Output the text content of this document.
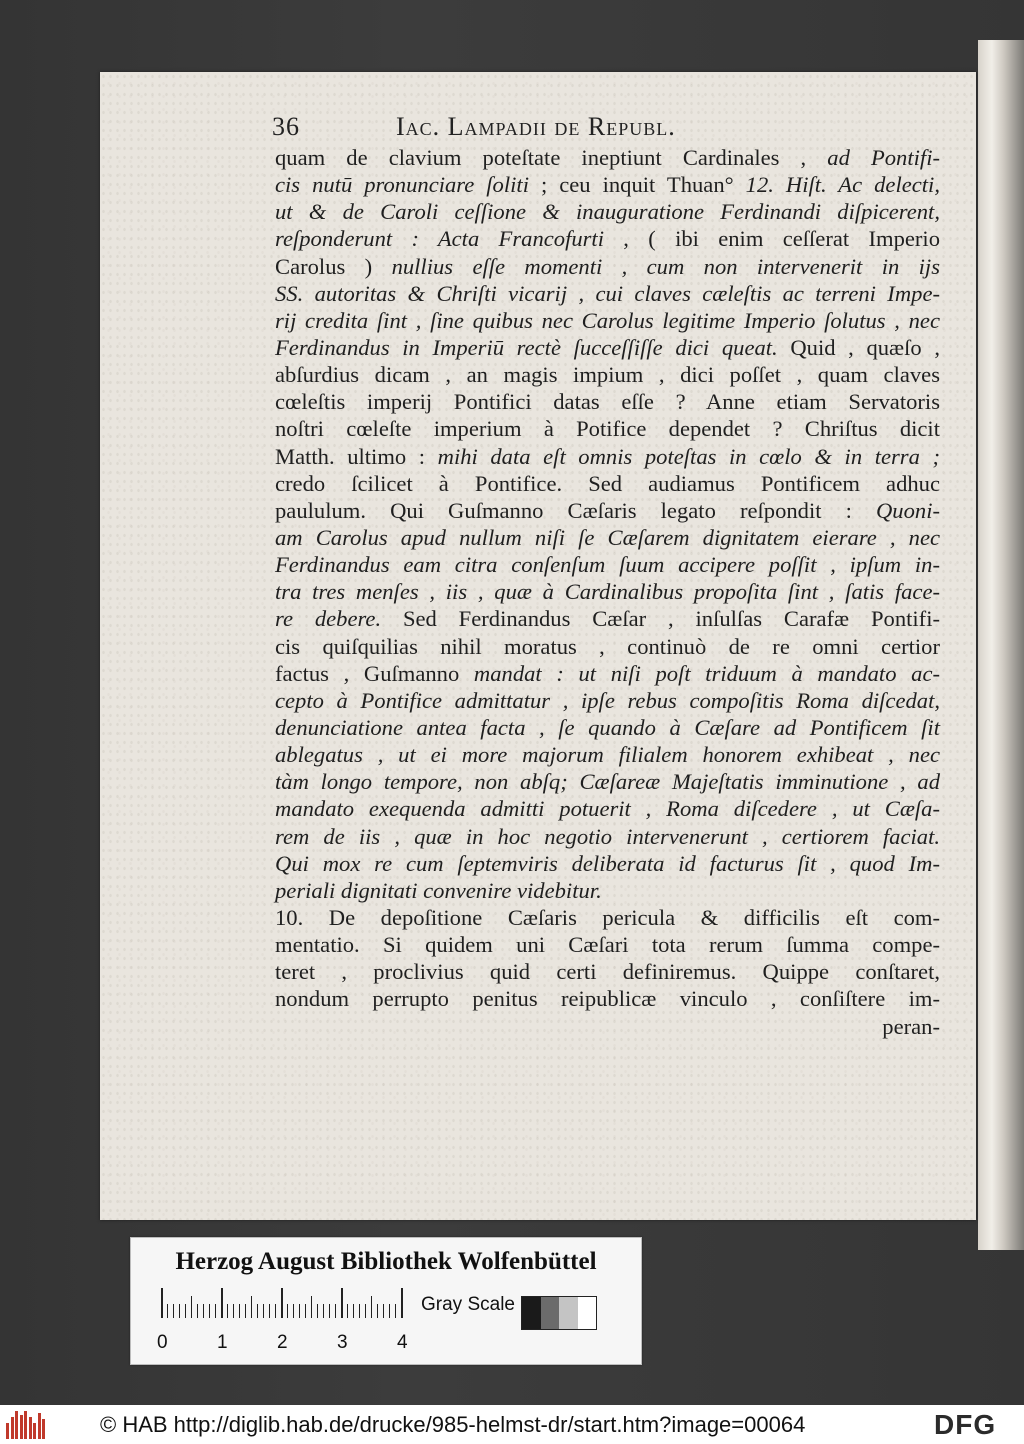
36	Iac. Lampadii de Republ.
quam de clavium poteſtate ineptiunt Cardinales , ad Pontifi-
cis nutū pronunciare ſoliti ; ceu inquit Thuan° 12. Hiſt. Ac delecti,
ut & de Caroli ceſſione & inauguratione Ferdinandi diſpicerent,
reſponderunt : Acta Francofurti , ( ibi enim ceſſerat Imperio
Carolus ) nullius eſſe momenti , cum non intervenerit in ijs
SS. autoritas & Chriſti vicarij , cui claves cæleſtis ac terreni Impe-
rij credita ſint , ſine quibus nec Carolus legitime Imperio ſolutus , nec
Ferdinandus in Imperiū rectè ſucceſſiſſe dici queat. Quid , quæſo ,
abſurdius dicam , an magis impium , dici poſſet , quam claves
cœleſtis imperij Pontifici datas eſſe ? Anne etiam Servatoris
noſtri cœleſte imperium à Potifice dependet ? Chriſtus dicit
Matth. ultimo : mihi data eſt omnis poteſtas in cœlo & in terra ;
credo ſcilicet à Pontifice. Sed audiamus Pontificem adhuc
paululum. Qui Guſmanno Cæſaris legato reſpondit : Quoni-
am Carolus apud nullum niſi ſe Cæſarem dignitatem eierare , nec
Ferdinandus eam citra conſenſum ſuum accipere poſſit , ipſum in-
tra tres menſes , iis , quæ à Cardinalibus propoſita ſint , ſatis face-
re debere. Sed Ferdinandus Cæſar , inſulſas Carafæ Pontifi-
cis quiſquilias nihil moratus , continuò de re omni certior
factus , Guſmanno mandat : ut niſi poſt triduum à mandato ac-
cepto à Pontifice admittatur , ipſe rebus compoſitis Roma diſcedat,
denunciatione antea facta , ſe quando à Cæſare ad Pontificem ſit
ablegatus , ut ei more majorum filialem honorem exhibeat , nec
tàm longo tempore, non abſq; Cæſareæ Majeſtatis imminutione , ad
mandato exequenda admitti potuerit , Roma diſcedere , ut Cæſa-
rem de iis , quæ in hoc negotio intervenerunt , certiorem faciat.
Qui mox re cum ſeptemviris deliberata id facturus ſit , quod Im-
periali dignitati convenire videbitur.
10. De depoſitione Cæſaris pericula & difficilis eſt com-
mentatio. Si quidem uni Cæſari tota rerum ſumma compe-
teret , proclivius quid certi definiremus. Quippe conſtaret,
nondum perrupto penitus reipublicæ vinculo , conſiſtere im-
peran-
Herzog August Bibliothek Wolfenbüttel
0	1	2	3	4
Gray Scale
© HAB http://diglib.hab.de/drucke/985-helmst-dr/start.htm?image=00064	DFG
